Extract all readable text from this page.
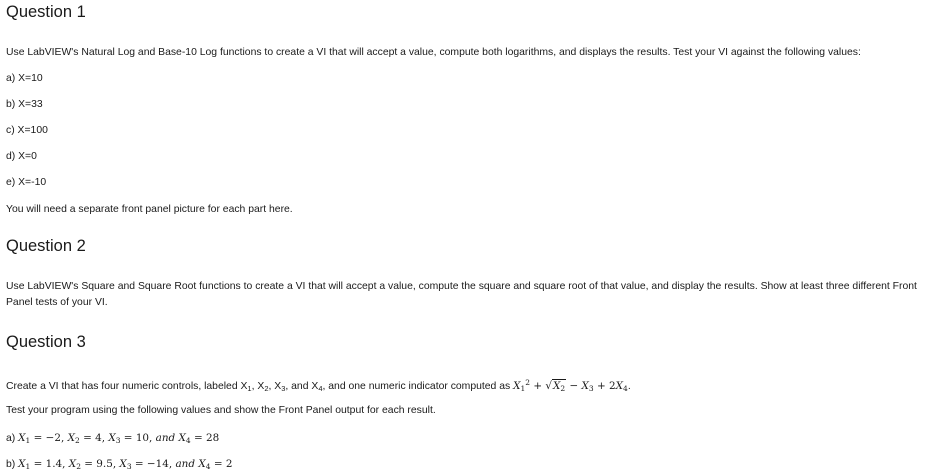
Question 1

Use LabVIEW's Natural Log and Base-10 Log functions to create a VI that will accept a value, compute both logarithms, and displays the results. Test your VI against the following values:

a) X=10

b) X=33

c) X=100

d) X=0

e) X=-10

You will need a separate front panel picture for each part here.

Question 2

Use LabVIEW's Square and Square Root functions to create a VI that will accept a value, compute the square and square root of that value, and display the results. Show at least three different Front Panel tests of your VI.

Question 3

Create a VI that has four numeric controls, labeled $X_1$, $X_2$, $X_3$, and $X_4$, and one numeric indicator computed as $X_1^2 + √X_2 - X_3 + 2X_4$.

Test your program using the following values and show the Front Panel output for each result.

a) $X_1 = -2$, $X_2 = 4$, $X_3 = 10$, and $X_4 = 28$

b) $X_1 = 1.4$, $X_2 = 9.5$, $X_3 = -14$, and $X_4 = 2$
